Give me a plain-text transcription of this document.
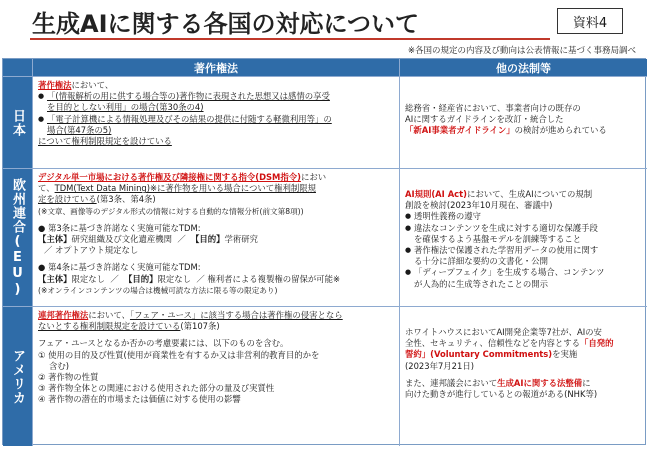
生成AIに関する各国の対応について	資料4
※各国の規定の内容及び動向は公表情報に基づく事務局調べ
著作権法	他の法制等
日本

著作権法において、

● 「(情報解析の用に供する場合等の)著作物に表現された思想又は感情の享受
を目的としない利用」の場合(第30条の4)
● 「電子計算機による情報処理及びその結果の提供に付随する軽微利用等」の
場合(第47条の5)

について権利制限規定を設けている

総務省・経産省において、事業者向けの既存の

AIに関するガイドラインを改訂・統合した

「新AI事業者ガイドライン」の検討が進められている

欧州連合(EU)

デジタル単一市場における著作権及び隣接権に関する指令(DSM指令)におい

て、TDM(Text Data Mining)※に著作物を用いる場合について権利制限規

定を設けている(第3条、第4条)

(※文章、画像等のデジタル形式の情報に対する自動的な情報分析(前文第8項))

● 第3条に基づき許諾なく実施可能なTDM:

【主体】研究組織及び文化遺産機関 ／ 【目的】学術研究

／ オプトアウト規定なし

● 第4条に基づき許諾なく実施可能なTDM:

【主体】限定なし ／ 【目的】限定なし ／ 権利者による複製権の留保が可能※

(※オンラインコンテンツの場合は機械可読な方法に限る等の限定あり)

AI規則(AI Act)において、生成AIについての規制

創設を検討(2023年10月現在、審議中)

● 透明性義務の遵守
● 違法なコンテンツを生成に対する適切な保護手段
を確保するよう基盤モデルを訓練等すること
● 著作権法で保護された学習用データの使用に関す
る十分に詳細な要約の文書化・公開
● 「ディープフェイク」を生成する場合、コンテンツ
が人為的に生成等されたことの開示
アメリカ

連邦著作権法において、「フェア・ユース」に該当する場合は著作権の侵害となら

ないとする権利制限規定を設けている(第107条)

フェア・ユースとなるか否かの考慮要素には、以下のものを含む。

① 使用の目的及び性質(使用が商業性を有するか又は非営利的教育目的かを
　 含む)
② 著作物の性質
③ 著作物全体との関連における使用された部分の量及び実質性
④ 著作物の潜在的市場または価値に対する使用の影響

ホワイトハウスにおいてAI開発企業等7社が、AIの安

全性、セキュリティ、信頼性などを内容とする「自発的

誓約」(Voluntary Commitments)を実施

(2023年7月21日)

また、連邦議会において生成AIに関する法整備に

向けた動きが進行しているとの報道がある(NHK等)
